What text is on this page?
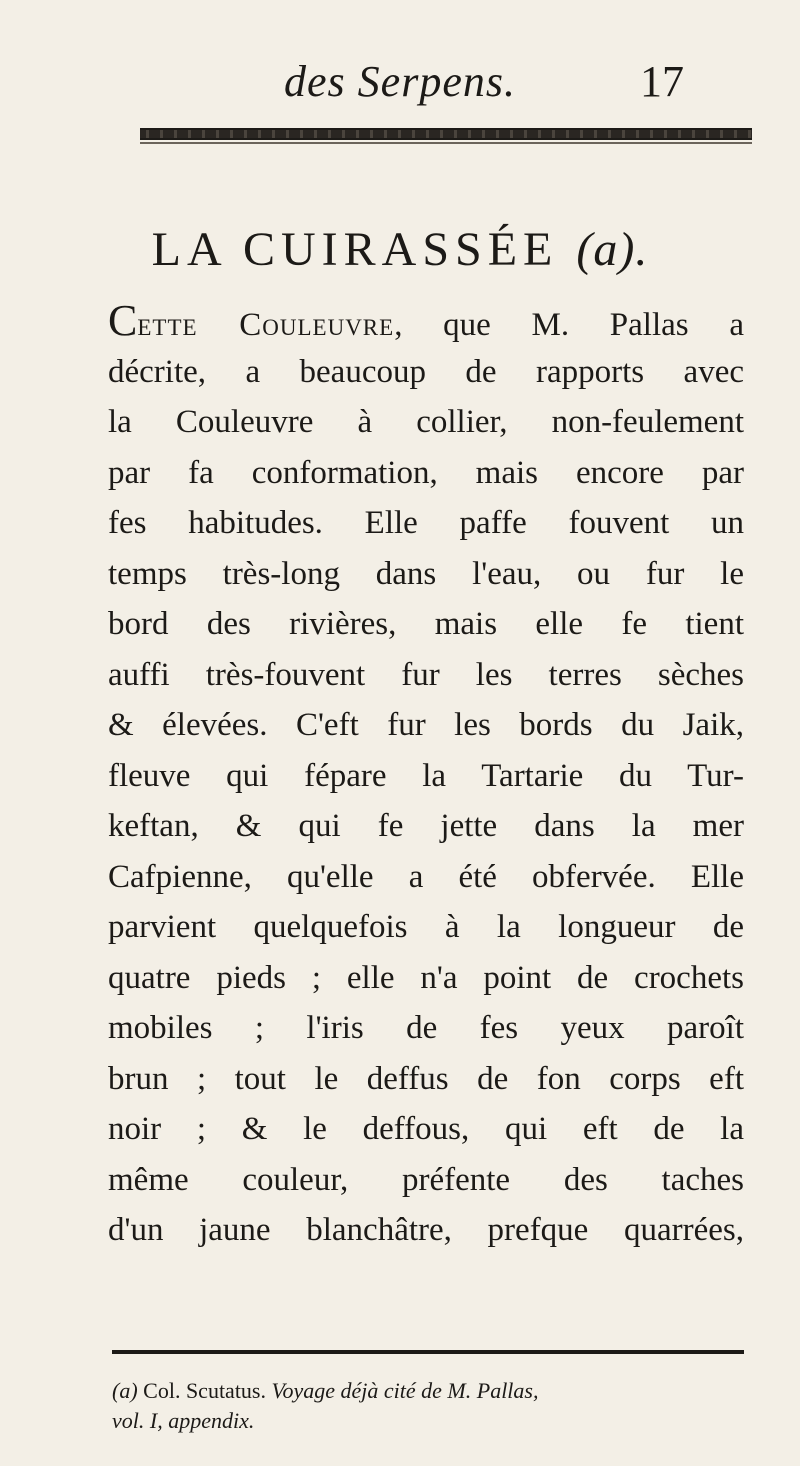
des Serpens.	17
LA CUIRASSÉE (a).
Cette Couleuvre, que M. Pallas a
décrite, a beaucoup de rapports avec
la Couleuvre à collier, non-feulement
par fa conformation, mais encore par
fes habitudes. Elle paffe fouvent un
temps très-long dans l'eau, ou fur le
bord des rivières, mais elle fe tient
auffi très-fouvent fur les terres sèches
& élevées. C'eft fur les bords du Jaik,
fleuve qui fépare la Tartarie du Tur-
keftan, & qui fe jette dans la mer
Cafpienne, qu'elle a été obfervée. Elle
parvient quelquefois à la longueur de
quatre pieds ; elle n'a point de crochets
mobiles ; l'iris de fes yeux paroît
brun ; tout le deffus de fon corps eft
noir ; & le deffous, qui eft de la
même couleur, préfente des taches
d'un jaune blanchâtre, prefque quarrées,
(a) Col. Scutatus. Voyage déjà cité de M. Pallas,
vol. I, appendix.
